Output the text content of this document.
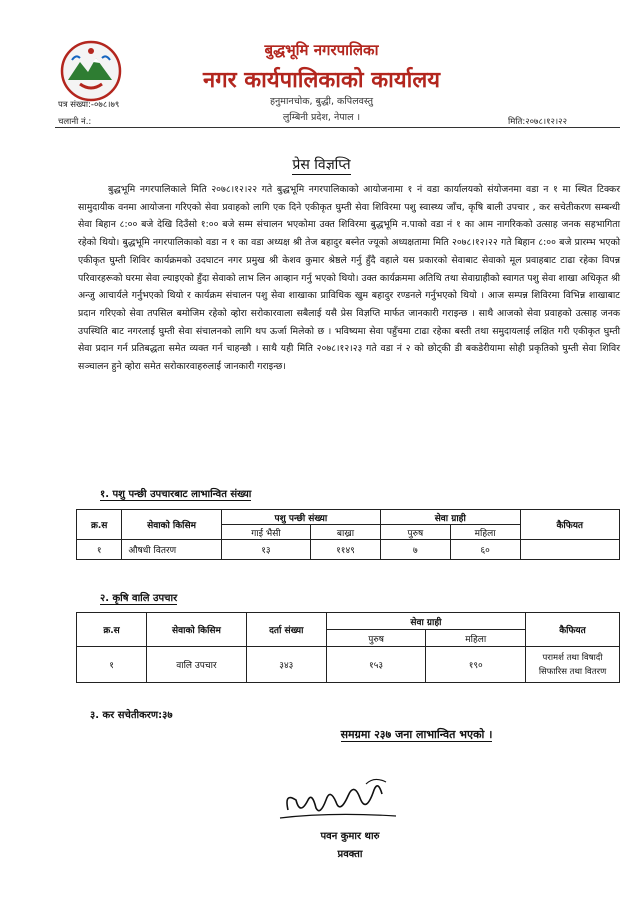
बुद्धभूमि नगरपालिका
नगर कार्यपालिकाको कार्यालय
हनुमानचोक, बुद्धी, कपिलवस्तु
लुम्बिनी प्रदेश, नेपाल ।
पत्र संख्या:-०७८।७९
चलानी नं.:	मिति:२०७८।१२।२२
प्रेस विज्ञप्ति

बुद्धभूमि नगरपालिकाले मिति २०७८।१२।२२ गते बुद्धभूमि नगरपालिकाको आयोजनामा १ नं वडा कार्यालयको संयोजनमा वडा न १ मा स्थित टिक्कर सामुदायीक वनमा आयोजना गरिएको सेवा प्रवाहको लागि एक दिने एकीकृत घुम्ती सेवा शिविरमा पशु स्वास्थ्य जाँच, कृषि बाली उपचार , कर सचेतीकरण सम्बन्धी सेवा बिहान ८:०० बजे देखि दिउँसो १:०० बजे सम्म संचालन भएकोमा उक्त शिविरमा बुद्धभूमि न.पाको वडा नं १ का आम नागरिकको उत्साह जनक सहभागिता रहेको थियो। बुद्धभूमि नगरपालिकाको वडा न १ का वडा अध्यक्ष श्री तेज बहादुर बस्नेत ज्यूको अध्यक्षतामा मिति २०७८।१२।२२ गते बिहान ८:०० बजे प्रारम्भ भएको एकीकृत घुम्ती शिविर कार्यक्रमको उदघाटन नगर प्रमुख श्री केशव कुमार श्रेष्ठले गर्नु हुँदै वहाले यस प्रकारको सेवाबाट सेवाको मूल प्रवाहबाट टाढा रहेका विपन्न परिवारहरूको घरमा सेवा ल्याइएको हुँदा सेवाको लाभ लिन आव्हान गर्नु भएको थियो। उक्त कार्यक्रममा अतिथि तथा सेवाग्राहीको स्वागत पशु सेवा शाखा अधिकृत श्री अन्जु आचार्यले गर्नुभएको थियो र कार्यक्रम संचालन पशु सेवा शाखाका प्राविधिक खुम बहादुर रण्डनले गर्नुभएको थियो । आज सम्पन्न शिविरमा विभिन्न शाखाबाट प्रदान गरिएको सेवा तपसिल बमोजिम रहेको व्होरा सरोकारवाला सबैलाई यसै प्रेस विज्ञप्ति मार्फत जानकारी गराइन्छ । साथै आजको सेवा प्रवाहको उत्साह जनक उपस्थिति बाट नगरलाई घुम्ती सेवा संचालनको लागि थप ऊर्जा मिलेको छ । भविष्यमा सेवा पहुँचमा टाढा रहेका बस्ती तथा समुदायलाई लक्षित गरी एकीकृत घुम्ती सेवा प्रदान गर्न प्रतिबद्धता समेत व्यक्त गर्न चाहन्छौ । साथै यही मिति २०७८।१२।२३ गते वडा नं २ को छोट्की डी बकडेरीयामा सोही प्रकृतिको घुम्ती सेवा शिविर सञ्चालन हुने व्होरा समेत सरोकारवाहरुलाई जानकारी गराइन्छ।

१. पशु पन्छी उपचारबाट लाभान्वित संख्या
क्र.स	सेवाको किसिम	पशु पन्छी संख्या		सेवा ग्राही		कैफियत
		गाई भैसी	बाख्रा	पुरुष	महिला	
१	औषधी वितरण	१३	११४९	७	६०	
२. कृषि वालि उपचार
क्र.स	सेवाको किसिम	दर्ता संख्या	सेवा ग्राही		कैफियत
			पुरुष	महिला	
१	वालि उपचार	३४३	१५३	१९०	परामर्श तथा विषादी
सिफारिस तथा वितरण
३. कर सचेतीकरण:३७
समग्रमा २३७ जना लाभान्वित भएको ।
पवन कुमार थारु
प्रवक्ता
